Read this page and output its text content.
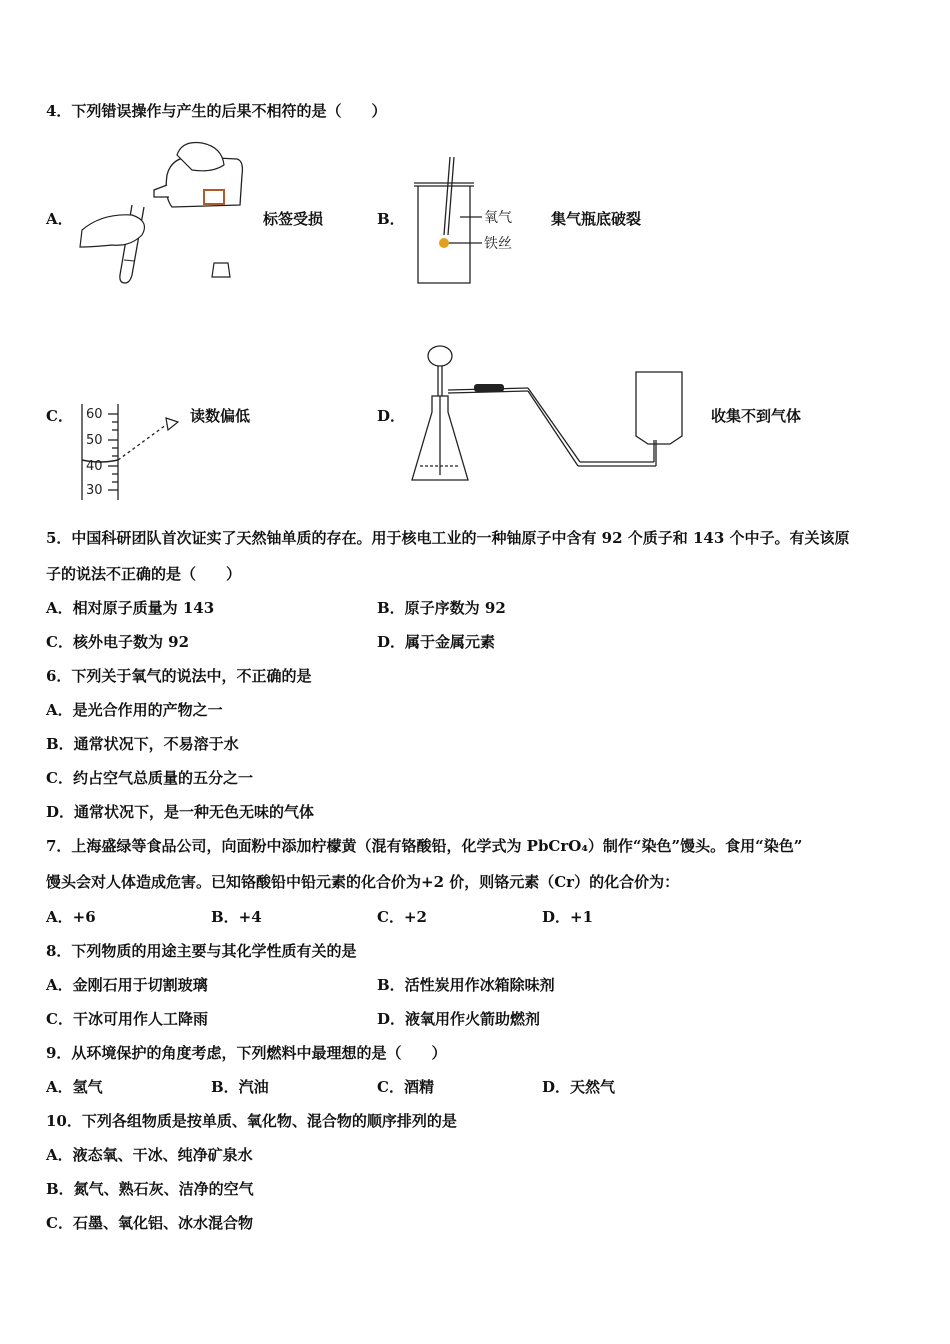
4．下列错误操作与产生的后果不相符的是（　　）
A．	标签受损	B．	氧气
铁丝
集气瓶底破裂
C． 60
50
40
30
读数偏低	D．	收集不到气体
5．中国科研团队首次证实了天然铀单质的存在。用于核电工业的一种铀原子中含有 92 个质子和 143 个中子。有关该原
子的说法不正确的是（　　）
A．相对原子质量为 143	B．原子序数为 92
C．核外电子数为 92	D．属于金属元素
6．下列关于氧气的说法中，不正确的是
A．是光合作用的产物之一
B．通常状况下，不易溶于水
C．约占空气总质量的五分之一
D．通常状况下，是一种无色无味的气体
7．上海盛绿等食品公司，向面粉中添加柠檬黄（混有铬酸铅，化学式为 PbCrO₄）制作“染色”馒头。食用“染色”
馒头会对人体造成危害。已知铬酸铅中铅元素的化合价为+2 价，则铬元素（Cr）的化合价为：
A．+6	B．+4	C．+2	D．+1
8．下列物质的用途主要与其化学性质有关的是
A．金刚石用于切割玻璃	B．活性炭用作冰箱除味剂
C．干冰可用作人工降雨	D．液氧用作火箭助燃剂
9．从环境保护的角度考虑，下列燃料中最理想的是（　　）
A．氢气	B．汽油	C．酒精	D．天然气
10．下列各组物质是按单质、氧化物、混合物的顺序排列的是
A．液态氧、干冰、纯净矿泉水
B．氮气、熟石灰、洁净的空气
C．石墨、氧化铝、冰水混合物
